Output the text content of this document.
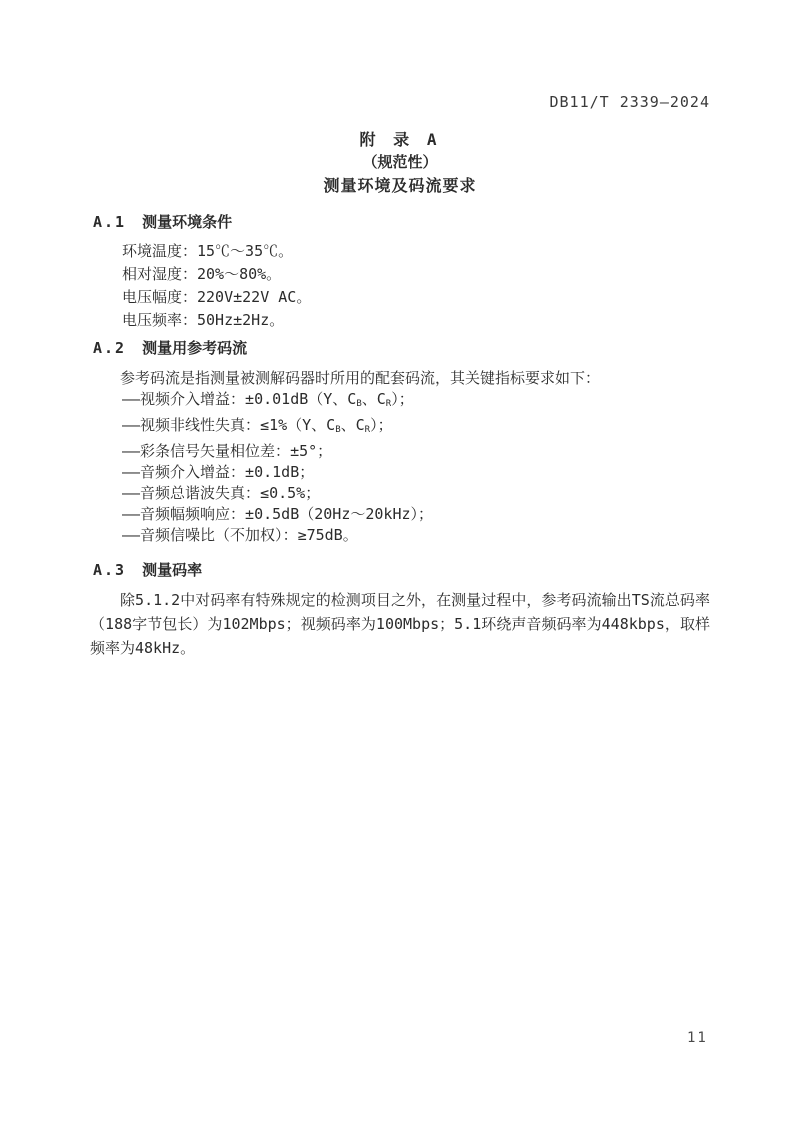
DB11/T 2339—2024
附 录 A
（规范性）
测量环境及码流要求
A.1 测量环境条件
环境温度：15℃～35℃。
相对湿度：20%～80%。
电压幅度：220V±22V AC。
电压频率：50Hz±2Hz。
A.2 测量用参考码流

参考码流是指测量被测解码器时所用的配套码流，其关键指标要求如下：

——视频介入增益：±0.01dB（Y、$C_B$、$C_R$）；
——视频非线性失真：≤1%（Y、$C_B$、$C_R$）；
——彩条信号矢量相位差：±5°；
——音频介入增益：±0.1dB；
——音频总谐波失真：≤0.5%；
——音频幅频响应：±0.5dB（20Hz～20kHz）；
——音频信噪比（不加权）：≥75dB。
A.3 测量码率

除5.1.2中对码率有特殊规定的检测项目之外，在测量过程中，参考码流输出TS流总码率（188字节包长）为102Mbps；视频码率为100Mbps；5.1环绕声音频码率为448kbps，取样频率为48kHz。

11
